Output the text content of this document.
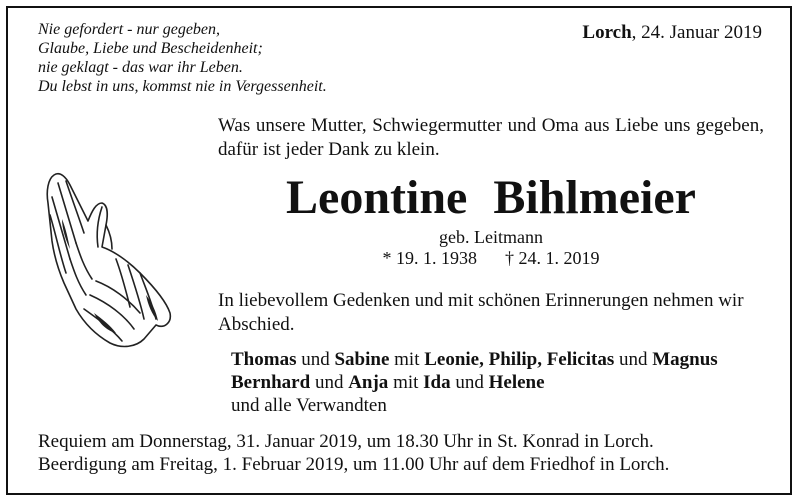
Nie gefordert - nur gegeben,
Glaube, Liebe und Bescheidenheit;
nie geklagt - das war ihr Leben.
Du lebst in uns, kommst nie in Vergessenheit.
Lorch, 24. Januar 2019
Was unsere Mutter, Schwiegermutter und Oma aus Liebe uns gegeben, dafür ist jeder Dank zu klein.
Leontine Bihlmeier
geb. Leitmann
* 19. 1. 1938 † 24. 1. 2019
In liebevollem Gedenken und mit schönen Erinnerungen nehmen wir Abschied.
Thomas und Sabine mit Leonie, Philip, Felicitas und Magnus
Bernhard und Anja mit Ida und Helene
und alle Verwandten
Requiem am Donnerstag, 31. Januar 2019, um 18.30 Uhr in St. Konrad in Lorch.
Beerdigung am Freitag, 1. Februar 2019, um 11.00 Uhr auf dem Friedhof in Lorch.
